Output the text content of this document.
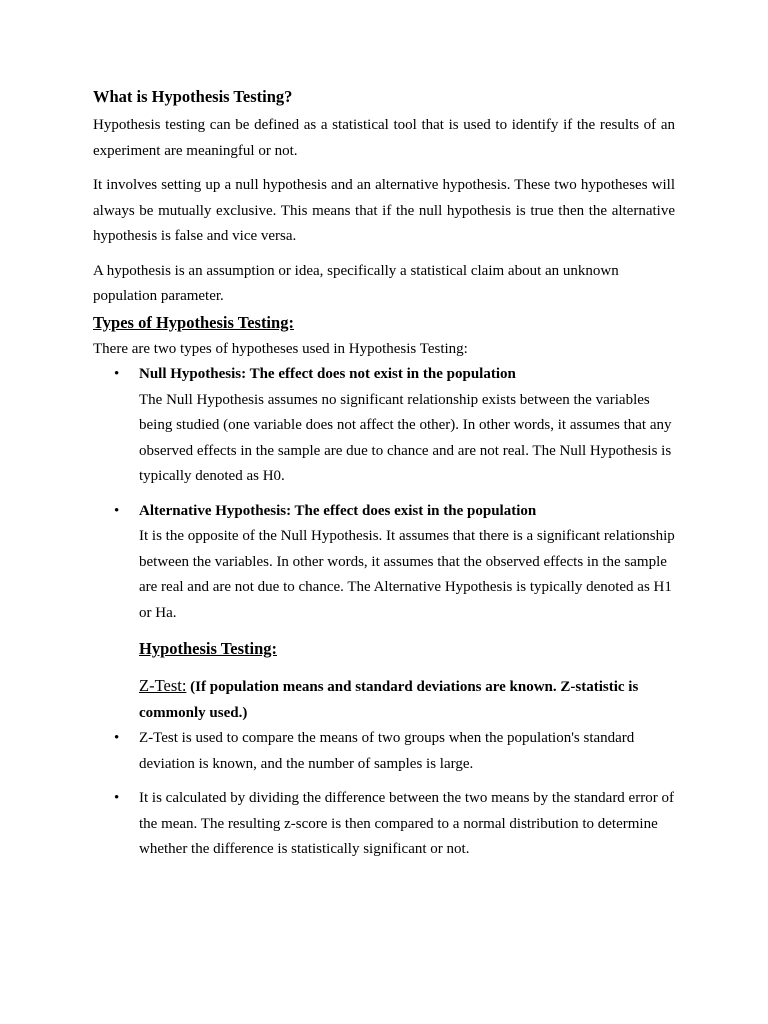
What is Hypothesis Testing?

Hypothesis testing can be defined as a statistical tool that is used to identify if the results of an experiment are meaningful or not.

It involves setting up a null hypothesis and an alternative hypothesis. These two hypotheses will always be mutually exclusive. This means that if the null hypothesis is true then the alternative hypothesis is false and vice versa.

A hypothesis is an assumption or idea, specifically a statistical claim about an unknown population parameter.

Types of Hypothesis Testing:

There are two types of hypotheses used in Hypothesis Testing:

• Null Hypothesis: The effect does not exist in the population

The Null Hypothesis assumes no significant relationship exists between the variables being studied (one variable does not affect the other). In other words, it assumes that any observed effects in the sample are due to chance and are not real. The Null Hypothesis is typically denoted as H0.

• Alternative Hypothesis: The effect does exist in the population

It is the opposite of the Null Hypothesis. It assumes that there is a significant relationship between the variables. In other words, it assumes that the observed effects in the sample are real and are not due to chance. The Alternative Hypothesis is typically denoted as H1 or Ha.

Hypothesis Testing:

Z-Test: (If population means and standard deviations are known. Z-statistic is commonly used.)

• Z-Test is used to compare the means of two groups when the population's standard deviation is known, and the number of samples is large.

• It is calculated by dividing the difference between the two means by the standard error of the mean. The resulting z-score is then compared to a normal distribution to determine whether the difference is statistically significant or not.
